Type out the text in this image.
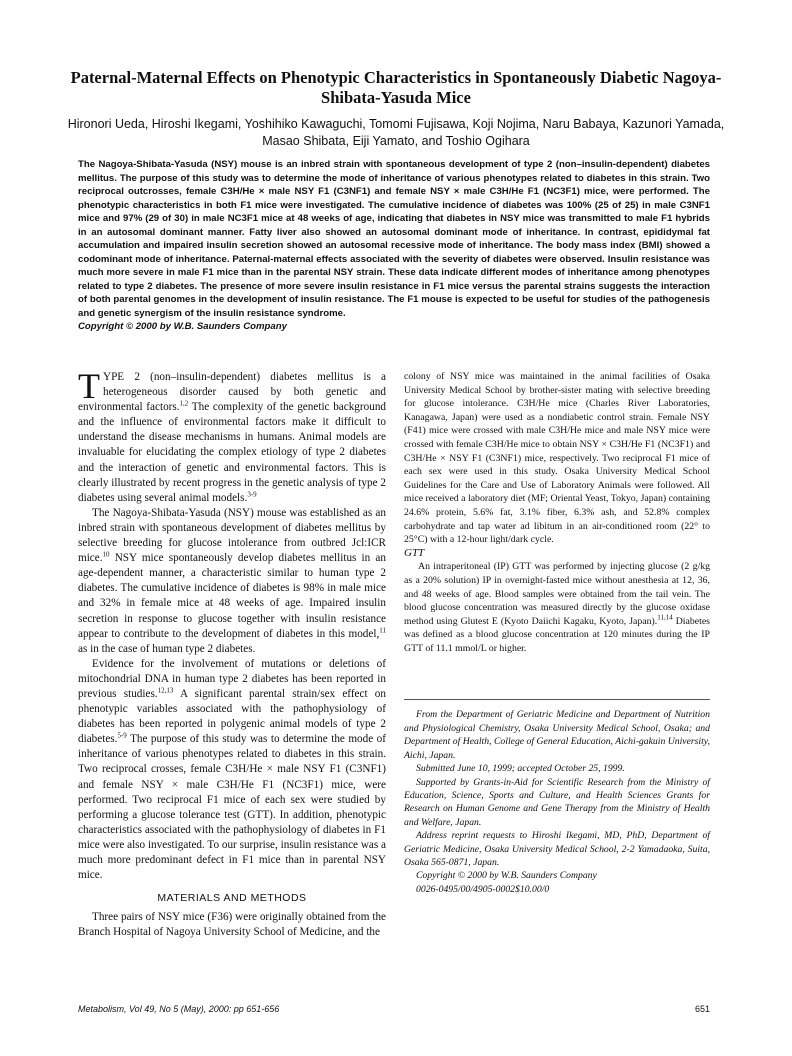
Paternal-Maternal Effects on Phenotypic Characteristics in Spontaneously Diabetic Nagoya-Shibata-Yasuda Mice
Hironori Ueda, Hiroshi Ikegami, Yoshihiko Kawaguchi, Tomomi Fujisawa, Koji Nojima, Naru Babaya, Kazunori Yamada, Masao Shibata, Eiji Yamato, and Toshio Ogihara
The Nagoya-Shibata-Yasuda (NSY) mouse is an inbred strain with spontaneous development of type 2 (non–insulin-dependent) diabetes mellitus. The purpose of this study was to determine the mode of inheritance of various phenotypes related to diabetes in this strain. Two reciprocal outcrosses, female C3H/He × male NSY F1 (C3NF1) and female NSY × male C3H/He F1 (NC3F1) mice, were performed. The phenotypic characteristics in both F1 mice were investigated. The cumulative incidence of diabetes was 100% (25 of 25) in male C3NF1 mice and 97% (29 of 30) in male NC3F1 mice at 48 weeks of age, indicating that diabetes in NSY mice was transmitted to male F1 hybrids in an autosomal dominant manner. Fatty liver also showed an autosomal dominant mode of inheritance. In contrast, epididymal fat accumulation and impaired insulin secretion showed an autosomal recessive mode of inheritance. The body mass index (BMI) showed a codominant mode of inheritance. Paternal-maternal effects associated with the severity of diabetes were observed. Insulin resistance was much more severe in male F1 mice than in the parental NSY strain. These data indicate different modes of inheritance among phenotypes related to type 2 diabetes. The presence of more severe insulin resistance in F1 mice versus the parental strains suggests the interaction of both parental genomes in the development of insulin resistance. The F1 mouse is expected to be useful for studies of the pathogenesis and genetic synergism of the insulin resistance syndrome.
Copyright © 2000 by W.B. Saunders Company

TYPE 2 (non–insulin-dependent) diabetes mellitus is a heterogeneous disorder caused by both genetic and environmental factors.$^{1,2}$ The complexity of the genetic background and the influence of environmental factors make it difficult to understand the disease mechanisms in humans. Animal models are invaluable for elucidating the complex etiology of type 2 diabetes and the interaction of genetic and environmental factors. This is clearly illustrated by recent progress in the genetic analysis of type 2 diabetes using several animal models.$^{3-9}$

The Nagoya-Shibata-Yasuda (NSY) mouse was established as an inbred strain with spontaneous development of diabetes mellitus by selective breeding for glucose intolerance from outbred Jcl:ICR mice.$^{10}$ NSY mice spontaneously develop diabetes mellitus in an age-dependent manner, a characteristic similar to human type 2 diabetes. The cumulative incidence of diabetes is 98% in male mice and 32% in female mice at 48 weeks of age. Impaired insulin secretion in response to glucose together with insulin resistance appear to contribute to the development of diabetes in this model,$^{11}$ as in the case of human type 2 diabetes.

Evidence for the involvement of mutations or deletions of mitochondrial DNA in human type 2 diabetes has been reported in previous studies.$^{12,13}$ A significant parental strain/sex effect on phenotypic variables associated with the pathophysiology of diabetes has been reported in polygenic animal models of type 2 diabetes.$^{5-9}$ The purpose of this study was to determine the mode of inheritance of various phenotypes related to diabetes in this strain. Two reciprocal crosses, female C3H/He × male NSY F1 (C3NF1) and female NSY × male C3H/He F1 (NC3F1) mice, were performed. Two reciprocal F1 mice of each sex were studied by performing a glucose tolerance test (GTT). In addition, phenotypic characteristics associated with the pathophysiology of diabetes in F1 mice were also investigated. To our surprise, insulin resistance was a much more predominant defect in F1 mice than in parental NSY mice.

MATERIALS AND METHODS

Three pairs of NSY mice (F36) were originally obtained from the Branch Hospital of Nagoya University School of Medicine, and the

colony of NSY mice was maintained in the animal facilities of Osaka University Medical School by brother-sister mating with selective breeding for glucose intolerance. C3H/He mice (Charles River Laboratories, Kanagawa, Japan) were used as a nondiabetic control strain. Female NSY (F41) mice were crossed with male C3H/He mice and male NSY mice were crossed with female C3H/He mice to obtain NSY × C3H/He F1 (NC3F1) and C3H/He × NSY F1 (C3NF1) mice, respectively. Two reciprocal F1 mice of each sex were used in this study. Osaka University Medical School Guidelines for the Care and Use of Laboratory Animals were followed. All mice received a laboratory diet (MF; Oriental Yeast, Tokyo, Japan) containing 24.6% protein, 5.6% fat, 3.1% fiber, 6.3% ash, and 52.8% complex carbohydrate and tap water ad libitum in an air-conditioned room (22° to 25°C) with a 12-hour light/dark cycle.

GTT

An intraperitoneal (IP) GTT was performed by injecting glucose (2 g/kg as a 20% solution) IP in overnight-fasted mice without anesthesia at 12, 36, and 48 weeks of age. Blood samples were obtained from the tail vein. The blood glucose concentration was measured directly by the glucose oxidase method using Glutest E (Kyoto Daiichi Kagaku, Kyoto, Japan).$^{11,14}$ Diabetes was defined as a blood glucose concentration at 120 minutes during the IP GTT of 11.1 mmol/L or higher.

From the Department of Geriatric Medicine and Department of Nutrition and Physiological Chemistry, Osaka University Medical School, Osaka; and Department of Health, College of General Education, Aichi-gakuin University, Aichi, Japan.

Submitted June 10, 1999; accepted October 25, 1999.

Supported by Grants-in-Aid for Scientific Research from the Ministry of Education, Science, Sports and Culture, and Health Sciences Grants for Research on Human Genome and Gene Therapy from the Ministry of Health and Welfare, Japan.

Address reprint requests to Hiroshi Ikegami, MD, PhD, Department of Geriatric Medicine, Osaka University Medical School, 2-2 Yamadaoka, Suita, Osaka 565-0871, Japan.

Copyright © 2000 by W.B. Saunders Company

0026-0495/00/4905-0002$10.00/0

Metabolism, Vol 49, No 5 (May), 2000: pp 651-656	651
